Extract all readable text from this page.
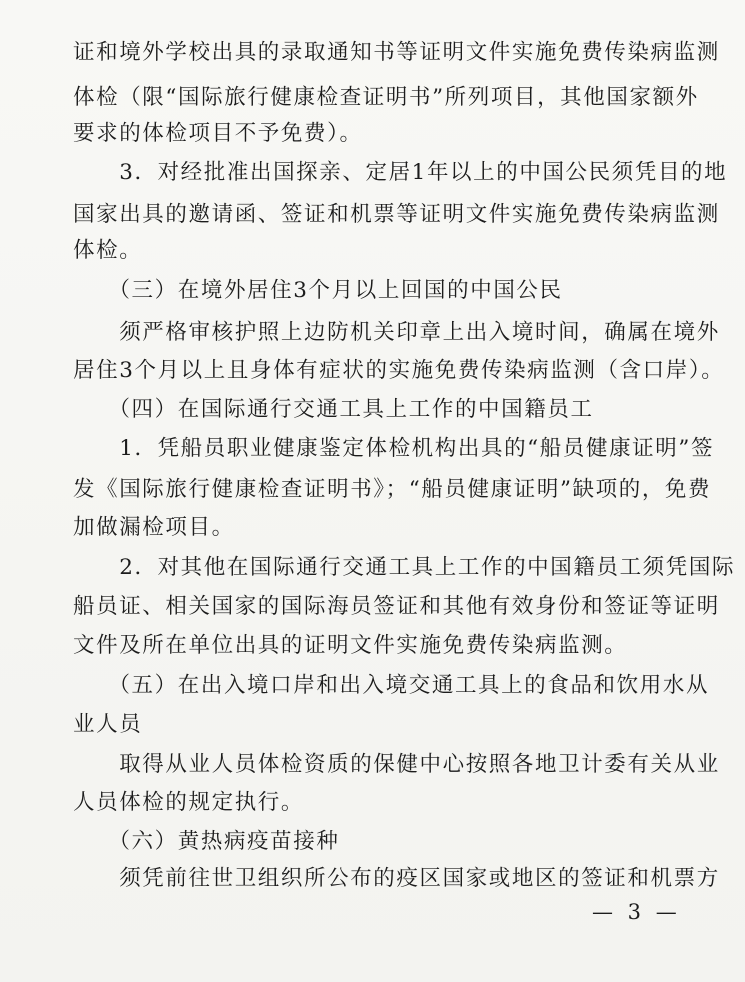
证和境外学校出具的录取通知书等证明文件实施免费传染病监测
体检（限“国际旅行健康检查证明书”所列项目，其他国家额外
要求的体检项目不予免费）。
　　3．对经批准出国探亲、定居1年以上的中国公民须凭目的地
国家出具的邀请函、签证和机票等证明文件实施免费传染病监测
体检。
　　（三）在境外居住3个月以上回国的中国公民
　　须严格审核护照上边防机关印章上出入境时间，确属在境外
居住3个月以上且身体有症状的实施免费传染病监测（含口岸）。
　　（四）在国际通行交通工具上工作的中国籍员工
　　1．凭船员职业健康鉴定体检机构出具的“船员健康证明”签
发《国际旅行健康检查证明书》；“船员健康证明”缺项的，免费
加做漏检项目。
　　2．对其他在国际通行交通工具上工作的中国籍员工须凭国际
船员证、相关国家的国际海员签证和其他有效身份和签证等证明
文件及所在单位出具的证明文件实施免费传染病监测。
　　（五）在出入境口岸和出入境交通工具上的食品和饮用水从
业人员
　　取得从业人员体检资质的保健中心按照各地卫计委有关从业
人员体检的规定执行。
　　（六）黄热病疫苗接种
　　须凭前往世卫组织所公布的疫区国家或地区的签证和机票方
— 3 —
